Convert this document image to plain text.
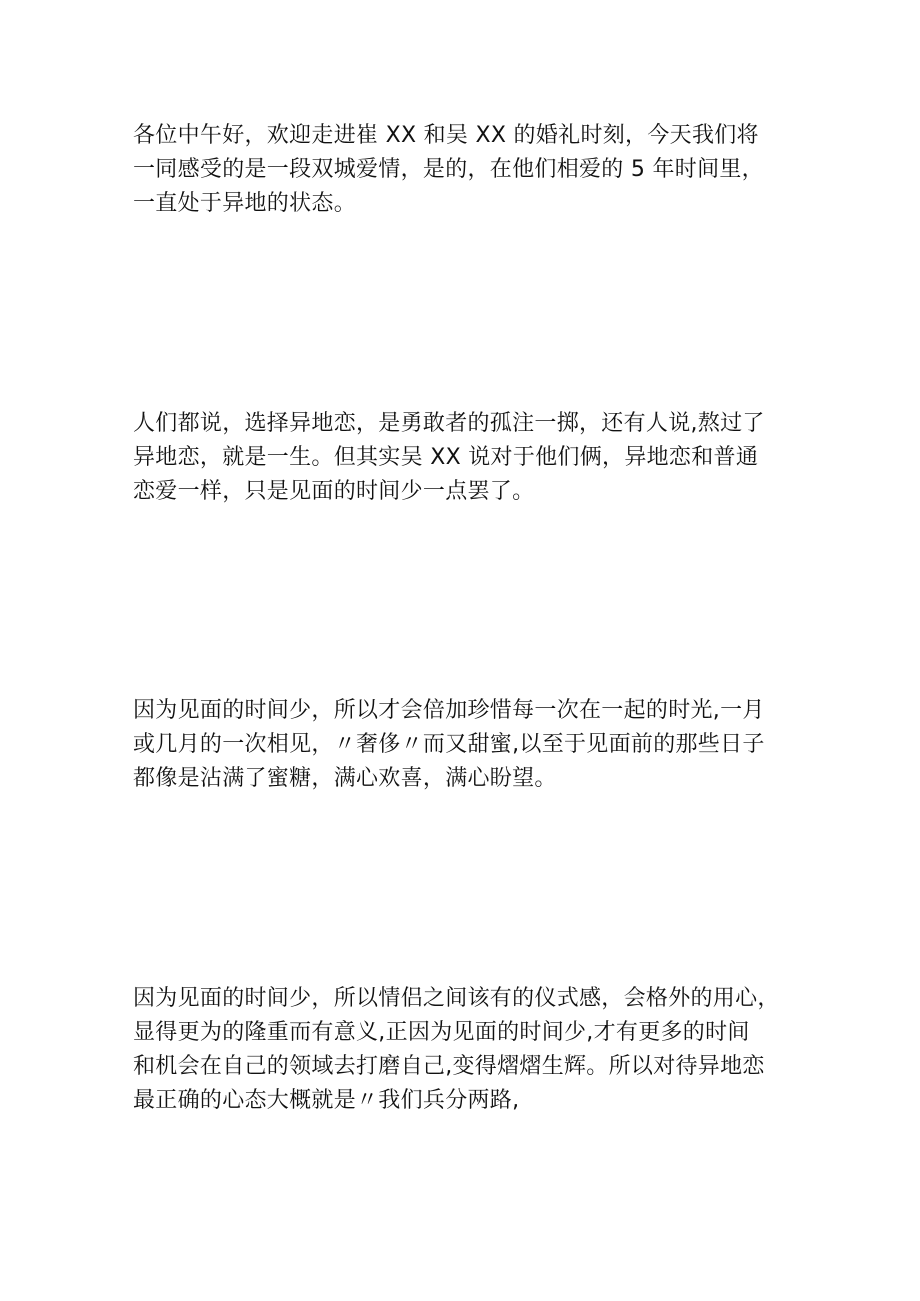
各位中午好，欢迎走进崔 XX 和吴 XX 的婚礼时刻，今天我们将
一同感受的是一段双城爱情，是的，在他们相爱的 5 年时间里，
一直处于异地的状态。
人们都说，选择异地恋，是勇敢者的孤注一掷，还有人说,熬过了
异地恋，就是一生。但其实吴 XX 说对于他们俩，异地恋和普通
恋爱一样，只是见面的时间少一点罢了。
因为见面的时间少，所以才会倍加珍惜每一次在一起的时光,一月
或几月的一次相见，〃奢侈〃而又甜蜜,以至于见面前的那些日子
都像是沾满了蜜糖，满心欢喜，满心盼望。
因为见面的时间少，所以情侣之间该有的仪式感，会格外的用心，
显得更为的隆重而有意义,正因为见面的时间少,才有更多的时间
和机会在自己的领域去打磨自己,变得熠熠生辉。所以对待异地恋
最正确的心态大概就是〃我们兵分两路,
